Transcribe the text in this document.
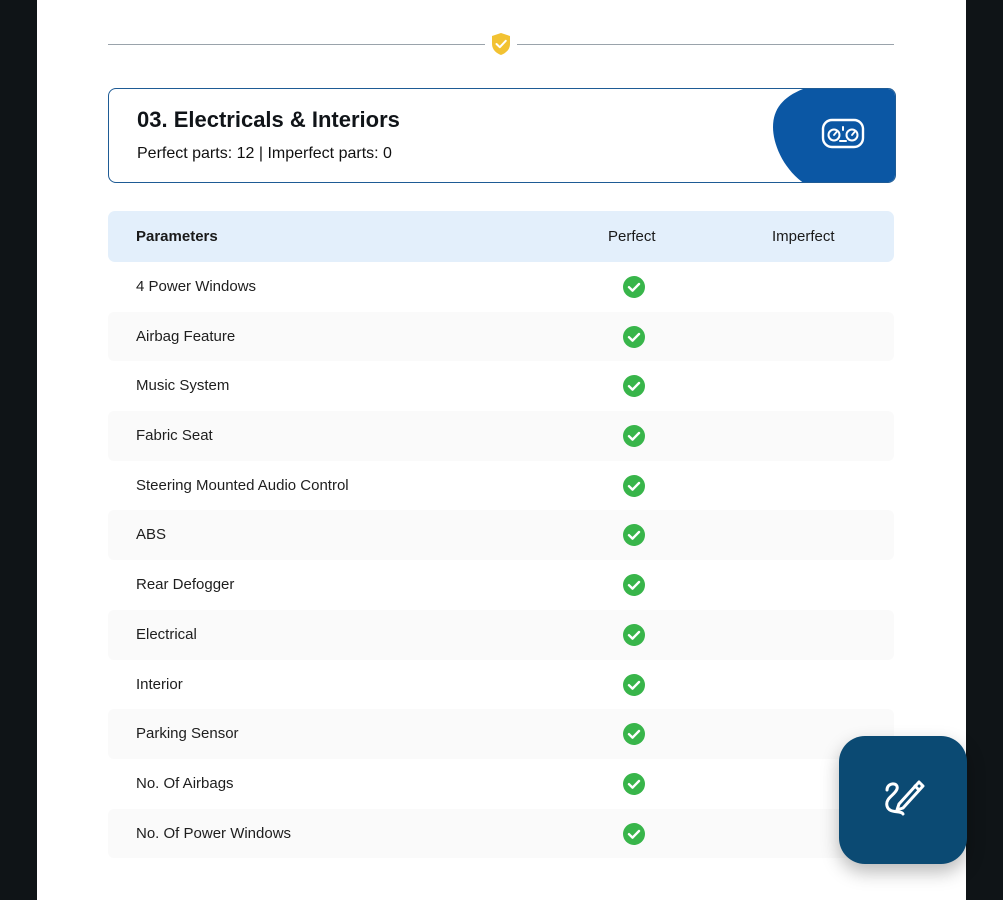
03. Electricals & Interiors
Perfect parts: 12 | Imperfect parts: 0
Parameters	Perfect	Imperfect
4 Power Windows
Airbag Feature
Music System
Fabric Seat
Steering Mounted Audio Control
ABS
Rear Defogger
Electrical
Interior
Parking Sensor
No. Of Airbags
No. Of Power Windows
